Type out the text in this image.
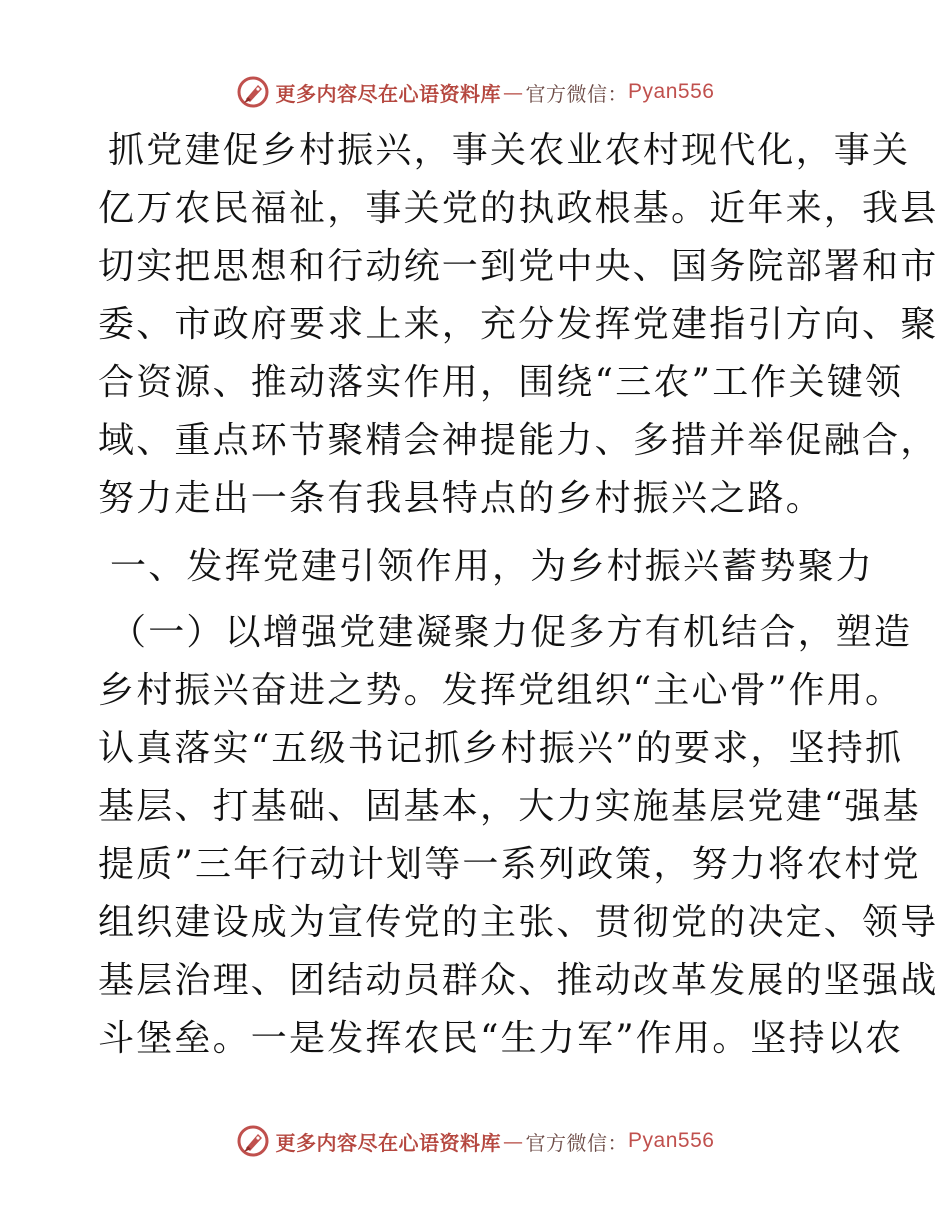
更多内容尽在心语资料库 — 官方微信： Pyan556

抓党建促乡村振兴，事关农业农村现代化，事关
亿万农民福祉，事关党的执政根基。近年来，我县
切实把思想和行动统一到党中央、国务院部署和市
委、市政府要求上来，充分发挥党建指引方向、聚
合资源、推动落实作用，围绕“三农”工作关键领
域、重点环节聚精会神提能力、多措并举促融合，
努力走出一条有我县特点的乡村振兴之路。

一、发挥党建引领作用，为乡村振兴蓄势聚力

（一）以增强党建凝聚力促多方有机结合，塑造
乡村振兴奋进之势。发挥党组织“主心骨”作用。
认真落实“五级书记抓乡村振兴”的要求，坚持抓
基层、打基础、固基本，大力实施基层党建“强基
提质”三年行动计划等一系列政策，努力将农村党
组织建设成为宣传党的主张、贯彻党的决定、领导
基层治理、团结动员群众、推动改革发展的坚强战
斗堡垒。一是发挥农民“生力军”作用。坚持以农

更多内容尽在心语资料库 — 官方微信： Pyan556
